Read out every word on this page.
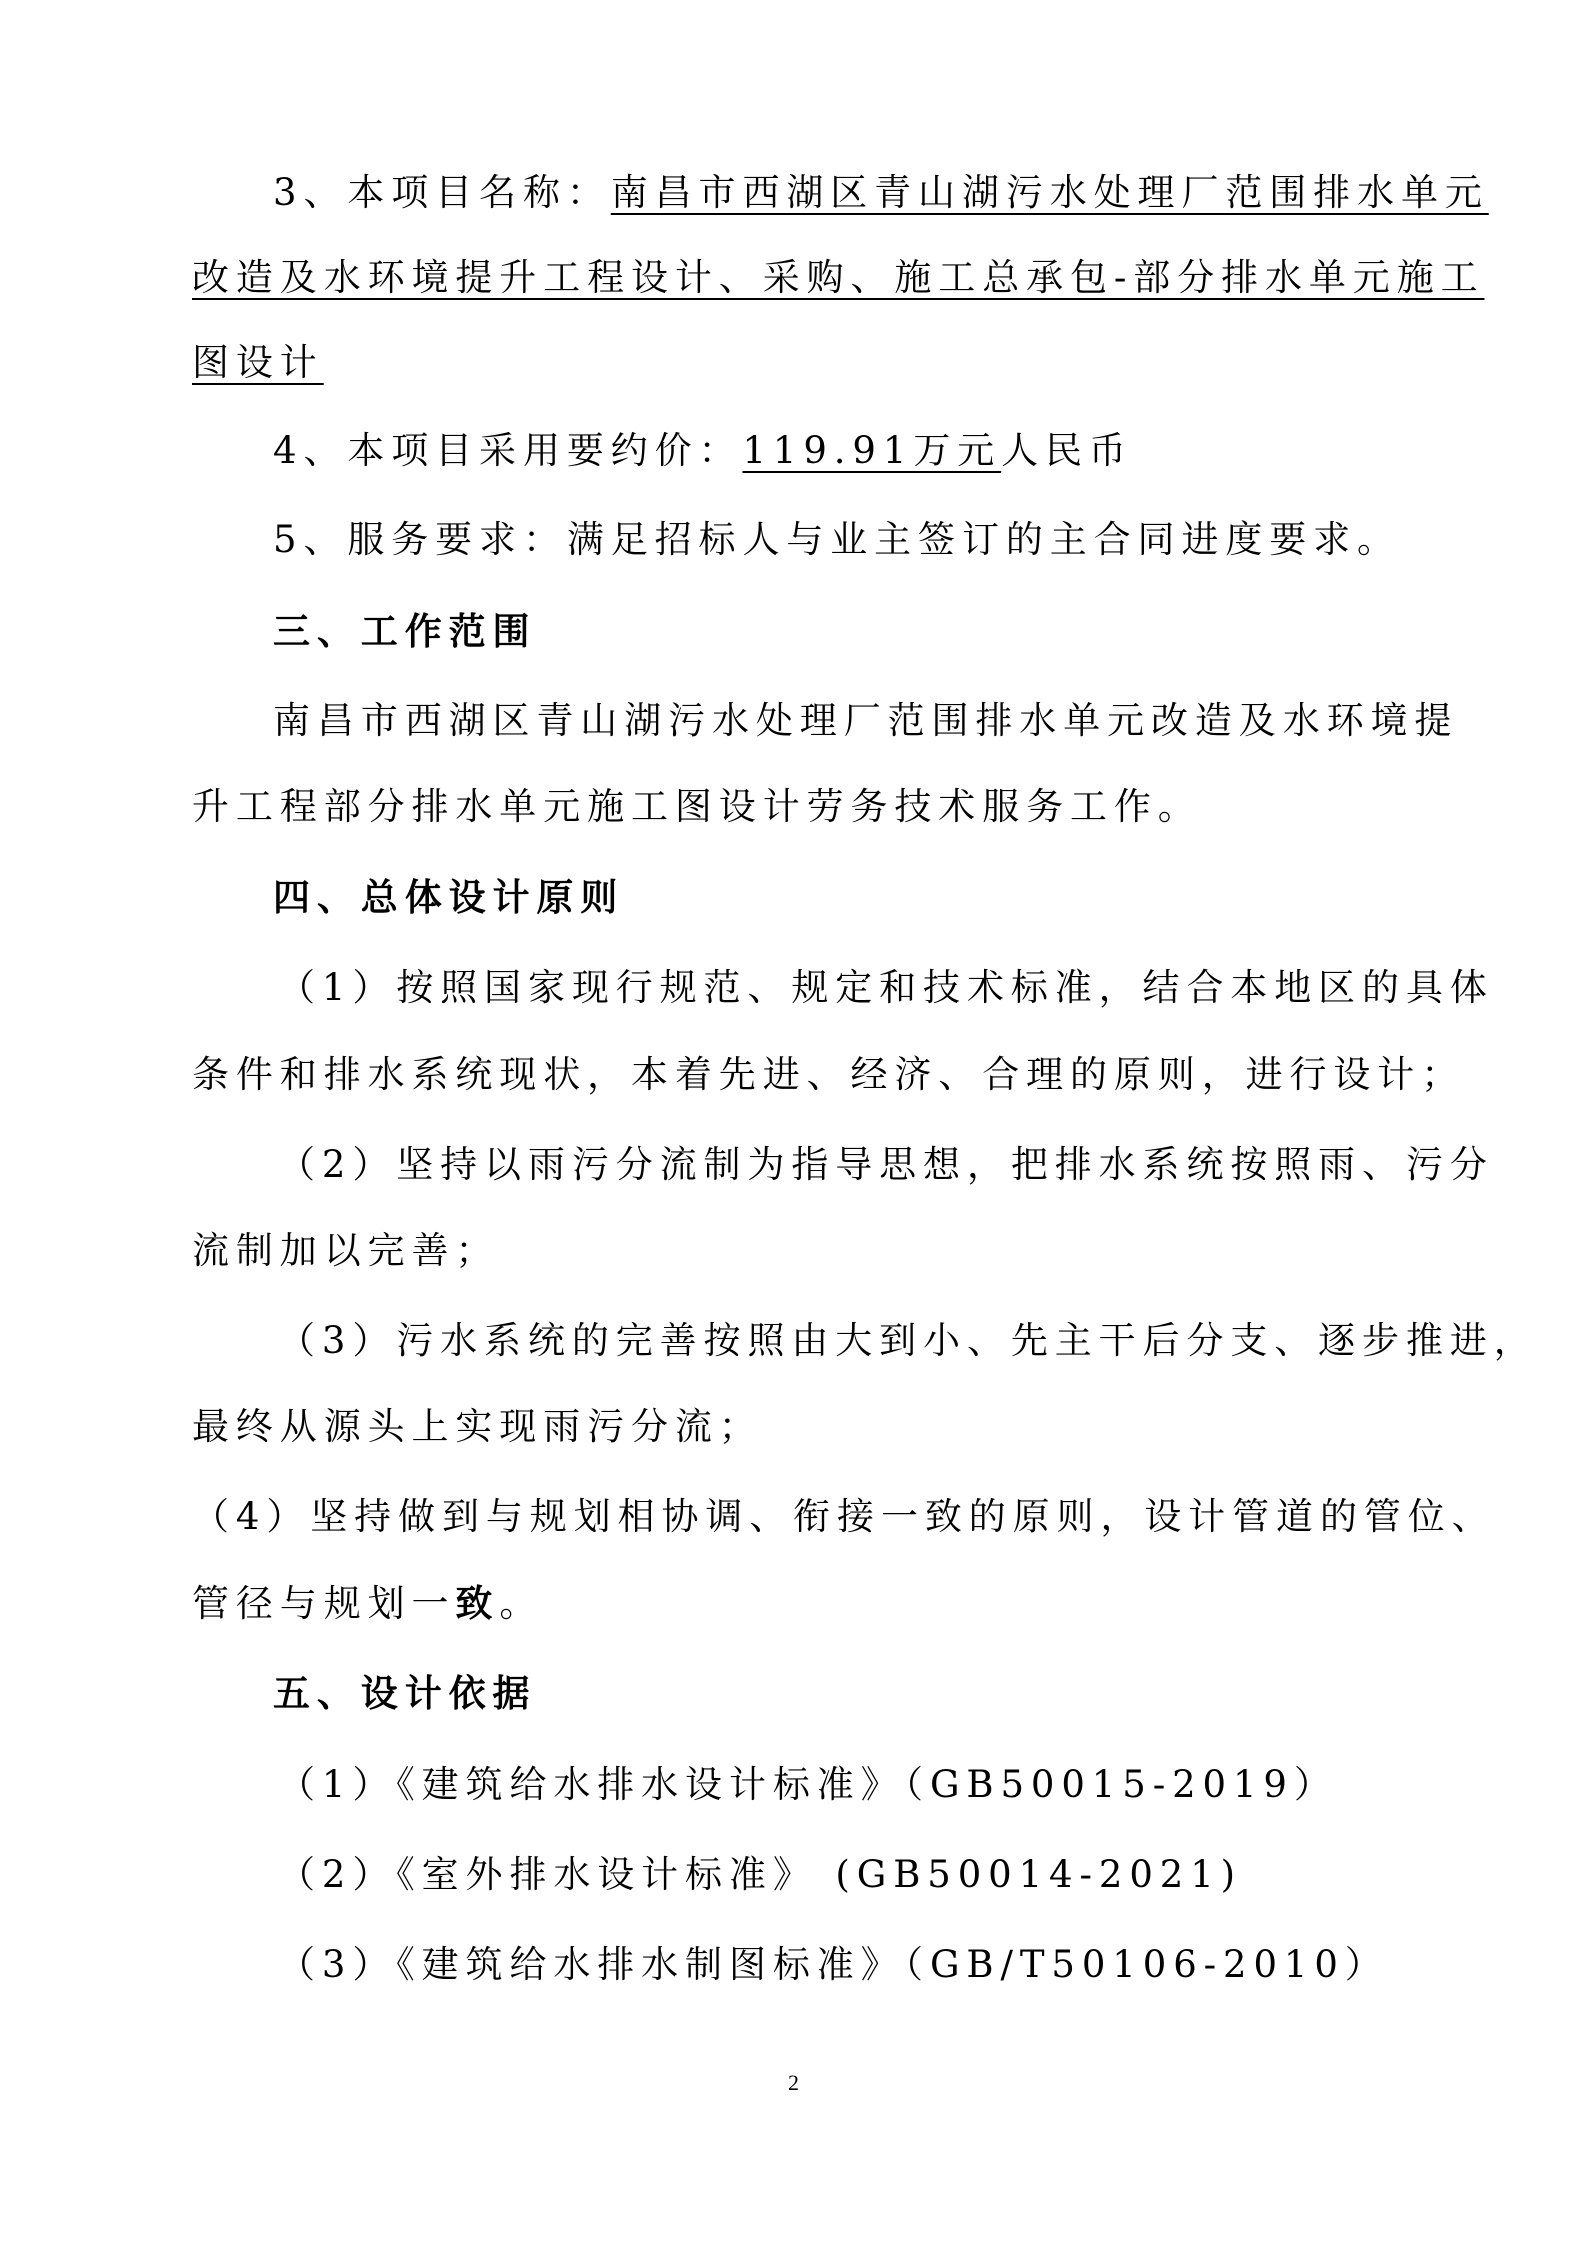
3、本项目名称：南昌市西湖区青山湖污水处理厂范围排水单元
改造及水环境提升工程设计、采购、施工总承包-部分排水单元施工
图设计
4、本项目采用要约价：119.91万元人民币
5、服务要求：满足招标人与业主签订的主合同进度要求。
三、工作范围
南昌市西湖区青山湖污水处理厂范围排水单元改造及水环境提
升工程部分排水单元施工图设计劳务技术服务工作。
四、总体设计原则
（1）按照国家现行规范、规定和技术标准，结合本地区的具体
条件和排水系统现状，本着先进、经济、合理的原则，进行设计；
（2）坚持以雨污分流制为指导思想，把排水系统按照雨、污分
流制加以完善；
（3）污水系统的完善按照由大到小、先主干后分支、逐步推进，
最终从源头上实现雨污分流；
（4）坚持做到与规划相协调、衔接一致的原则，设计管道的管位、
管径与规划一致。
五、设计依据
（1）《建筑给水排水设计标准》（GB50015-2019）
（2）《室外排水设计标准》 (GB50014-2021)
（3）《建筑给水排水制图标准》（GB/T50106-2010）
2
